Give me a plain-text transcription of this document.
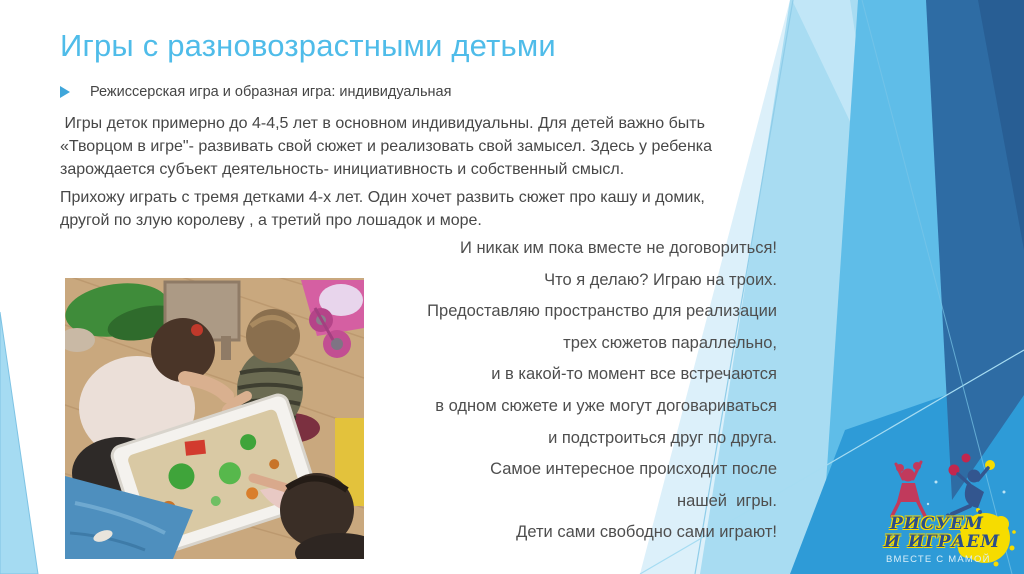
Игры с разновозрастными детьми
Режиссерская игра и образная игра: индивидуальная
Игры деток примерно до 4-4,5 лет в основном индивидуальны. Для детей важно быть
«Творцом в игре"- развивать свой сюжет и реализовать свой замысел. Здесь у ребенка
зарождается субъект деятельность- инициативность и собственный смысл.
Прихожу играть с тремя детками 4-х лет. Один хочет развить сюжет про кашу и домик,
другой по злую королеву , а третий про лошадок и море.
И никак им пока вместе не договориться!
Что я делаю? Играю на троих.
Предоставляю пространство для реализации
трех сюжетов параллельно,
и в какой-то момент все встречаются
в одном сюжете и уже могут договариваться
и подстроиться друг по друга.
Самое интересное происходит после
нашей  игры.
Дети сами свободно сами играют!	РИСУЕМ
И ИГРАЕМ
ВМЕСТЕ С МАМОЙ
